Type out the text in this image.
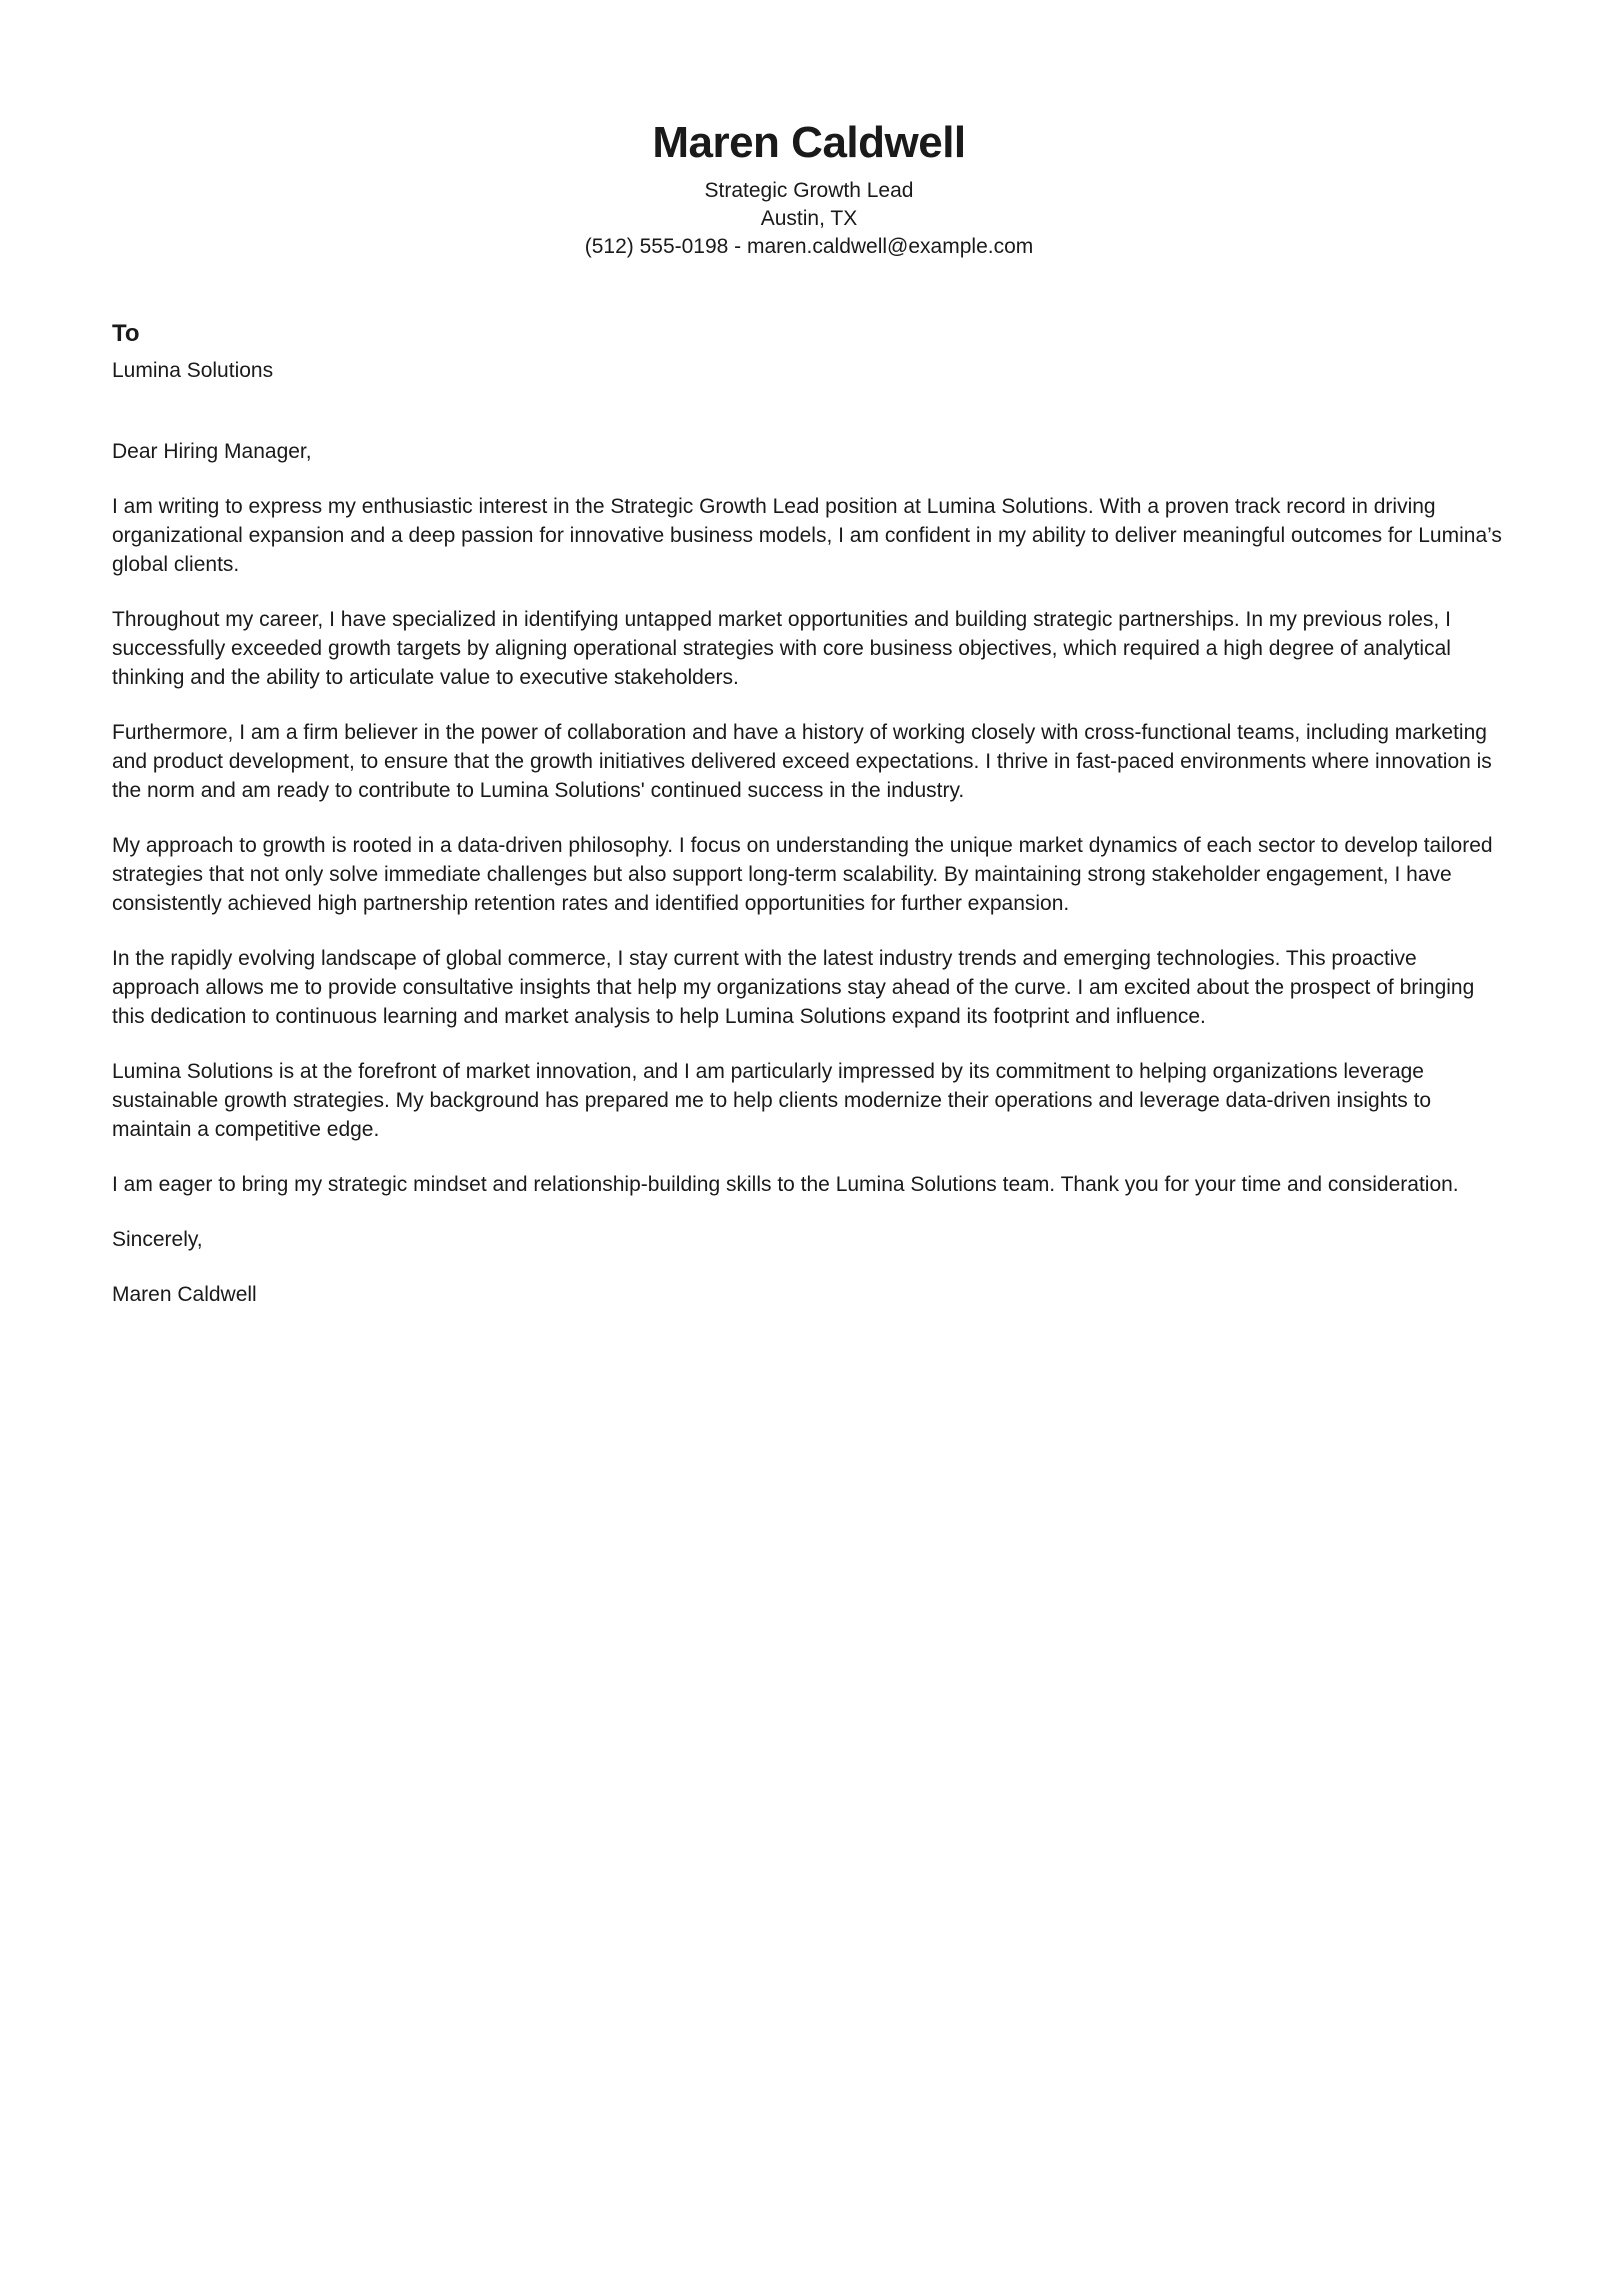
Maren Caldwell
Strategic Growth Lead
Austin, TX
(512) 555-0198 - maren.caldwell@example.com
To
Lumina Solutions

Dear Hiring Manager,

I am writing to express my enthusiastic interest in the Strategic Growth Lead position at Lumina Solutions. With a proven track record in driving organizational expansion and a deep passion for innovative business models, I am confident in my ability to deliver meaningful outcomes for Lumina’s global clients.

Throughout my career, I have specialized in identifying untapped market opportunities and building strategic partnerships. In my previous roles, I successfully exceeded growth targets by aligning operational strategies with core business objectives, which required a high degree of analytical thinking and the ability to articulate value to executive stakeholders.

Furthermore, I am a firm believer in the power of collaboration and have a history of working closely with cross-functional teams, including marketing and product development, to ensure that the growth initiatives delivered exceed expectations. I thrive in fast-paced environments where innovation is the norm and am ready to contribute to Lumina Solutions' continued success in the industry.

My approach to growth is rooted in a data-driven philosophy. I focus on understanding the unique market dynamics of each sector to develop tailored strategies that not only solve immediate challenges but also support long-term scalability. By maintaining strong stakeholder engagement, I have consistently achieved high partnership retention rates and identified opportunities for further expansion.

In the rapidly evolving landscape of global commerce, I stay current with the latest industry trends and emerging technologies. This proactive approach allows me to provide consultative insights that help my organizations stay ahead of the curve. I am excited about the prospect of bringing this dedication to continuous learning and market analysis to help Lumina Solutions expand its footprint and influence.

Lumina Solutions is at the forefront of market innovation, and I am particularly impressed by its commitment to helping organizations leverage sustainable growth strategies. My background has prepared me to help clients modernize their operations and leverage data-driven insights to maintain a competitive edge.

I am eager to bring my strategic mindset and relationship-building skills to the Lumina Solutions team. Thank you for your time and consideration.

Sincerely,

Maren Caldwell
